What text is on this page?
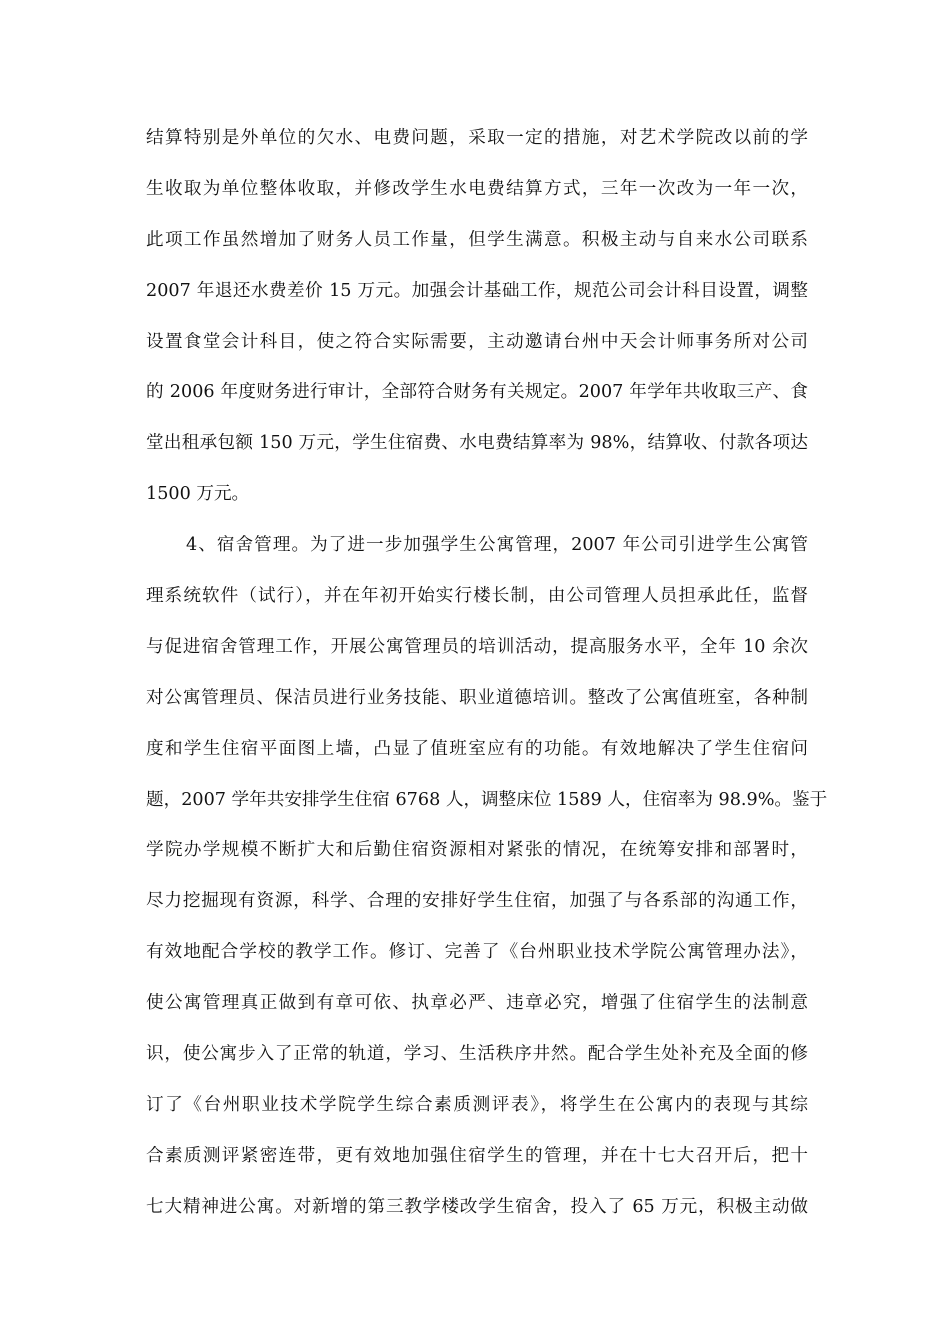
结算特别是外单位的欠水、电费问题，采取一定的措施，对艺术学院改以前的学
生收取为单位整体收取，并修改学生水电费结算方式，三年一次改为一年一次，
此项工作虽然增加了财务人员工作量，但学生满意。积极主动与自来水公司联系
2007 年退还水费差价 15 万元。加强会计基础工作，规范公司会计科目设置，调整
设置食堂会计科目，使之符合实际需要，主动邀请台州中天会计师事务所对公司
的 2006 年度财务进行审计，全部符合财务有关规定。2007 年学年共收取三产、食
堂出租承包额 150 万元，学生住宿费、水电费结算率为 98%，结算收、付款各项达
1500 万元。
4、宿舍管理。为了进一步加强学生公寓管理，2007 年公司引进学生公寓管
理系统软件（试行），并在年初开始实行楼长制，由公司管理人员担承此任，监督
与促进宿舍管理工作，开展公寓管理员的培训活动，提高服务水平，全年 10 余次
对公寓管理员、保洁员进行业务技能、职业道德培训。整改了公寓值班室，各种制
度和学生住宿平面图上墙，凸显了值班室应有的功能。有效地解决了学生住宿问
题，2007 学年共安排学生住宿 6768 人，调整床位 1589 人，住宿率为 98.9%。鉴于
学院办学规模不断扩大和后勤住宿资源相对紧张的情况，在统筹安排和部署时，
尽力挖掘现有资源，科学、合理的安排好学生住宿，加强了与各系部的沟通工作，
有效地配合学校的教学工作。修订、完善了《台州职业技术学院公寓管理办法》，
使公寓管理真正做到有章可依、执章必严、违章必究，增强了住宿学生的法制意
识，使公寓步入了正常的轨道，学习、生活秩序井然。配合学生处补充及全面的修
订了《台州职业技术学院学生综合素质测评表》，将学生在公寓内的表现与其综
合素质测评紧密连带，更有效地加强住宿学生的管理，并在十七大召开后，把十
七大精神进公寓。对新增的第三教学楼改学生宿舍，投入了 65 万元，积极主动做
